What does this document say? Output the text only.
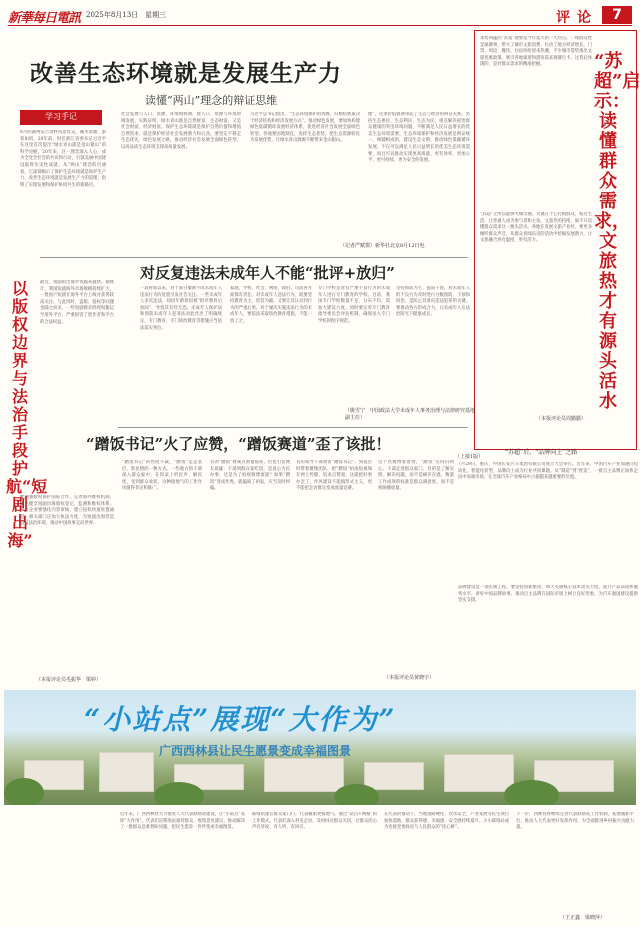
新華每日電訊 2025年8月13日　星期三	评 论	7
改善生态环境就是发展生产力
读懂“两山”理念的辩证思维
学习手记
8月的湖州安吉余村风景优美，溪水清澈，游客如织。20年前，时任浙江省委书记习近平在这里首次提出“绿水青山就是金山银山”的科学论断。20年来，这一理念深入人心，成为全党全社会的共识和行动，引领美丽中国建设取得历史性成就。从“两山”理念的内涵看，它深刻揭示了保护生态环境就是保护生产力、改善生态环境就是发展生产力的道理，指明了实现发展和保护协同共生的新路径。
社会发展与人口、资源、环境相协调，使人口、资源与环境协调发展。实践证明，绿水青山既是自然财富、生态财富，又是社会财富、经济财富。保护生态环境就是保护自然价值和增值自然资本，就是保护经济社会发展潜力和后劲。要坚定不移走生态优先、绿色发展之路，推动经济社会发展全面绿色转型，以高品质生态环境支撑高质量发展。
习近平总书记指出，“生态环境保护的成败，归根结底取决于经济结构和经济发展方式”。推动绿色发展，要加快构建绿色低碳循环发展经济体系，促进经济社会发展全面绿色转型。各地要因地制宜，发挥生态优势，把生态资源转化为发展优势，让绿水青山源源不断带来金山银山。
理”，这条价值链条串起了生态与经济的辩证关系。坚持生态惠民、生态利民、生态为民，重点解决损害群众健康的突出环境问题，不断满足人民日益增长的优美生态环境需要。生态环境保护和经济发展是辩证统一、相辅相成的，建设生态文明、推动绿色低碳循环发展，不仅可以满足人民日益增长的优美生态环境需要，而且可以推动实现更高质量、更有效率、更加公平、更可持续、更为安全的发展。
（记者严赋憬）新华社北京8月12日电
来势凶猛的“苏超”现象是今年夏天的一大热点。一场群众性足球赛事，带火了城市文旅消费，拉动了地方经济增长。门票、周边、餐饮、住宿纷纷迎来热潮，不少城市借势推出文旅优惠政策，吸引各地球迷和游客前来观赛打卡。这背后体现的，是对群众需求的精准把握。
“苏超”之所以能够火爆出圈，关键在于它扎根群众、贴近生活，让普通人成为参与者和主角。文旅热的持续，离不开读懂群众需求这一源头活水。各地在发展文旅产业时，要更多倾听群众声音，从群众喜闻乐见的活动中挖掘发展潜力，让文旅融合更有温度、更有活力。
“苏超”启示：读懂群众需求，文旅热才有源头活水
（本报评论员周勤勤）
对反复违法未成年人不能“批评+放归”
一段时间以来，对于部分屡教不改未成年人违法行为的处置引发社会关注。一些未成年人多次违法，却因年龄原因被“批评教育后放回”，导致其有恃无恐。未成年人保护法和预防未成年人犯罪法对此作出了明确规定，专门教育、专门矫治教育等措施应当依法落实到位。
家庭、学校、社会、网络、政府、司法各方面都有责任。对未成年人违法行为，既要坚持教育为主、惩罚为辅，又要让其认识到行为的严重后果。对于屡次实施违法行为的未成年人，要依法采取矫治教育措施，不能一放了之。
专门学校是对有严重不良行为的未成年人进行专门教育的学校。目前，我国专门学校数量不足、分布不均，需加大建设力度。同时要完善专门教育指导委员会评估机制，确保送入专门学校的程序规范。
坚持预防为主、提前干预，对未成年人的不良行为及时进行分级预防、干预和矫治，是防止其滑向违法犯罪的关键。要推动各方形成合力，让未成年人在法治阳光下健康成长。
（姚雪宁　中国政法大学未成年人事务治理与法律研究基地副主任）
以版权边界与法治手段护航“短剧出海”
最近，短剧的出海步伐越来越快。据统计，我国短剧海外市场规模持续扩大，一批国产短剧在海外平台上线并获得较高关注。与此同时，盗版、侵权等问题也随之而来，一些短剧被未经授权搬运至境外平台，严重损害了创作者和平台的合法权益。
要加强版权保护国际合作，完善海外维权机制，建立健全短剧出海版权登记、监测和维权体系。平台企业要强化内容审核，建立侵权快速处置通道。相关部门应加大执法力度，为短剧出海营造良好法治环境，推动中国故事走向世界。
（本报评论员毛振华　梁婷）
“蹭饭书记”火了应赞，“蹭饭赛道”歪了该批！
“蹭饭书记”的热度不减，“蹭饭”是走基层、察民情的一种方式。一些地方的干部深入群众家中，在饭桌上听民声、解民忧，受到群众欢迎。这种接地气的工作作风值得肯定和推广。
有的“蹭饭”视频点赞量很高，但也引发网友质疑：干部到群众家吃饭，是真心为民办事，还是为了拍视频博流量？如果“蹭饭”变成作秀，就偏离了初衷，应当及时纠偏。
有的领导干部效仿“蹭饭书记”，到基层时带着摄像团队，把“蹭饭”拍成短视频在网上传播，追求点赞量，这就把好事办歪了。作风建设不能搞形式主义，更不能把走访群众变成流量竞赛。
这个热搜博着着赞，“蹭饭”应回归初心。干部走进群众家门，目的是了解实情、解决问题，而不是刷存在感。衡量工作成效的标准是群众满意度，而不是视频播放量。
（本报评论员黄晓宇）
（上接1版）
“苏超”后，“品牌向上”之路
7月29日，重庆、中国长安汽车集团有限公司成立大会举行。近年来，中国汽车产业加速向电动化、智能化转型，品牌向上成为行业共同课题。从“制造”到“智造”，一批自主品牌正加快走向中高端市场，在全球汽车产业格局中占据越来越重要的位置。
品牌建设是一项长期工程。要坚持创新驱动，加大关键核心技术攻关力度，提升产品品质和服务水平，讲好中国品牌故事。推动自主品牌在国际市场上树立良好形象，为汽车强国建设提供坚实支撑。
“小站点”展现“大作为”
广西西林县让民生愿景变成幸福图景
近年来，广西西林县大力推进人大代表联络站建设，让“小站点”发挥“大作用”。代表们定期进站接待群众，收集意见建议，推动解决了一批群众急难愁盼问题，把民生愿景一件件变成幸福图景。
联络站建在群众家门口，代表履职更接地气。通过“站点+网格”的工作模式，代表们深入村屯走访，及时回应群众关切，让群众的心声有处说、有人听、有回应。
在代表的推动下，当地道路硬化、饮水安全、产业发展等民生项目加快落地，群众获得感、幸福感、安全感持续提升。小小联络站成为连接党委政府与人民群众的“连心桥”。
下一步，西林县将继续完善代表联络站工作机制，拓展履职平台，推动人大代表更好发挥作用，为全面推进乡村振兴贡献力量。
（王正鑫　梁晓萍）
